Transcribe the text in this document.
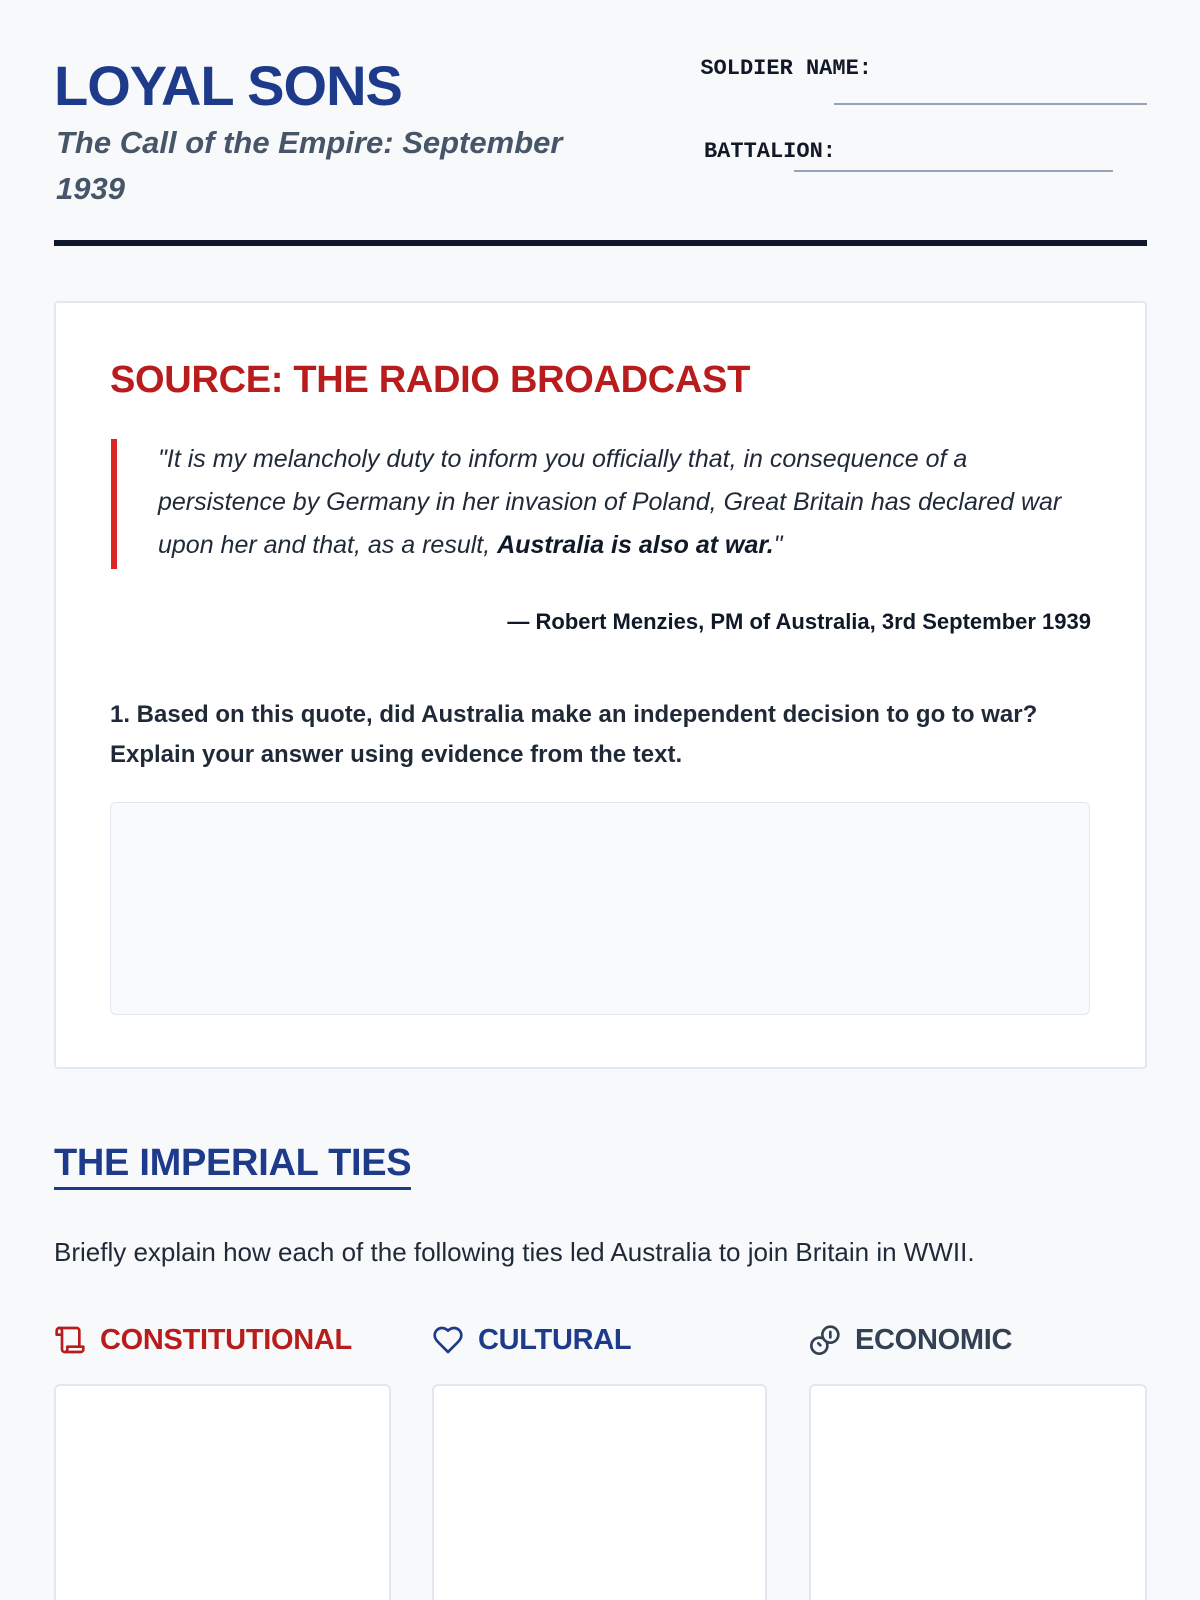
LOYAL SONS
The Call of the Empire: September 1939
SOLDIER NAME:
BATTALION:
SOURCE: THE RADIO BROADCAST
"It is my melancholy duty to inform you officially that, in consequence of a persistence by Germany in her invasion of Poland, Great Britain has declared war upon her and that, as a result, Australia is also at war."
— Robert Menzies, PM of Australia, 3rd September 1939
1. Based on this quote, did Australia make an independent decision to go to war? Explain your answer using evidence from the text.
THE IMPERIAL TIES
Briefly explain how each of the following ties led Australia to join Britain in WWII.
CONSTITUTIONAL	CULTURAL	ECONOMIC
